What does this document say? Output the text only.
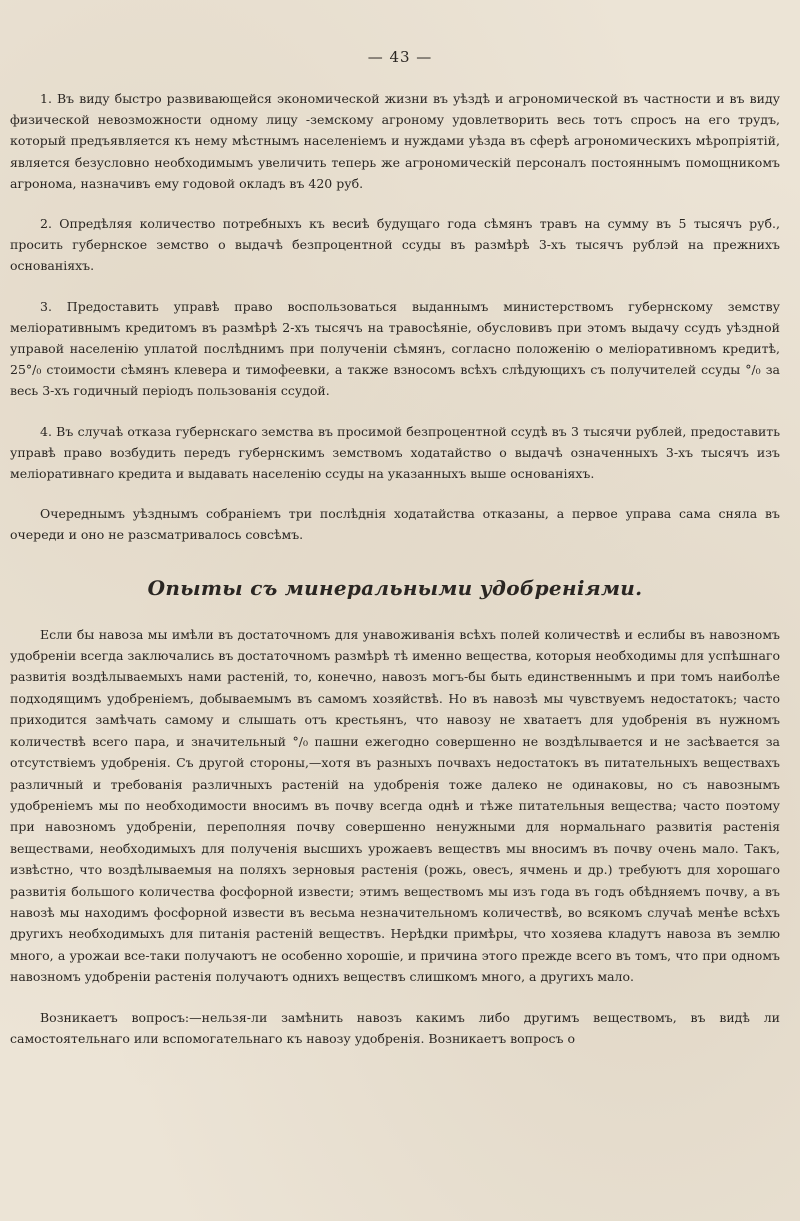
— 43 —

1. Въ виду быстро развивающейся экономической жизни въ уѣздѣ и агрономической въ частности и въ виду физической невозможности одному лицу -земскому агроному удовлетворить весь тотъ спросъ на его трудъ, который предъявляется къ нему мѣстнымъ населеніемъ и нуждами уѣзда въ сферѣ агрономическихъ мѣропріятій, является безусловно необходимымъ увеличить теперь же агрономическій персоналъ постояннымъ помощникомъ агронома, назначивъ ему годовой окладъ въ 420 руб.

2. Опредѣляя количество потребныхъ къ весиѣ будущаго года сѣмянъ травъ на сумму въ 5 тысячъ руб., просить губернское земство о выдачѣ безпроцентной ссуды въ размѣрѣ 3-хъ тысячъ рублэй на прежнихъ основаніяхъ.

3. Предоставить управѣ право воспользоваться выданнымъ министерствомъ губернскому земству меліоративнымъ кредитомъ въ размѣрѣ 2-хъ тысячъ на травосѣяніе, обусловивъ при этомъ выдачу ссудъ уѣздной управой населенію уплатой послѣднимъ при полученіи сѣмянъ, согласно положенію о меліоративномъ кредитѣ, 25°/₀ стоимости сѣмянъ клевера и тимофеевки, а также взносомъ всѣхъ слѣдующихъ съ получителей ссуды °/₀ за весь 3-хъ годичный періодъ пользованія ссудой.

4. Въ случаѣ отказа губернскаго земства въ просимой безпроцентной ссудѣ въ 3 тысячи рублей, предоставить управѣ право возбудить передъ губернскимъ земствомъ ходатайство о выдачѣ означенныхъ 3-хъ тысячъ изъ меліоративнаго кредита и выдавать населенію ссуды на указанныхъ выше основаніяхъ.

Очереднымъ уѣзднымъ собраніемъ три послѣднія ходатайства отказаны, а первое управа сама сняла въ очереди и оно не разсматривалось совсѣмъ.

Опыты съ минеральными удобреніями.

Если бы навоза мы имѣли въ достаточномъ для унавоживанія всѣхъ полей количествѣ и еслибы въ навозномъ удобреніи всегда заключались въ достаточномъ размѣрѣ тѣ именно вещества, которыя необходимы для успѣшнаго развитія воздѣлываемыхъ нами растеній, то, конечно, навозъ могъ-бы быть единственнымъ и при томъ наиболѣе подходящимъ удобреніемъ, добываемымъ въ самомъ хозяйствѣ. Но въ навозѣ мы чувствуемъ недостатокъ; часто приходится замѣчать самому и слышать отъ крестьянъ, что навозу не хватаетъ для удобренія въ нужномъ количествѣ всего пара, и значительный °/₀ пашни ежегодно совершенно не воздѣлывается и не засѣвается за отсутствіемъ удобренія. Съ другой стороны,—хотя въ разныхъ почвахъ недостатокъ въ питательныхъ веществахъ различный и требованія различныхъ растеній на удобренія тоже далеко не одинаковы, но съ навознымъ удобреніемъ мы по необходимости вносимъ въ почву всегда однѣ и тѣже питательныя вещества; часто поэтому при навозномъ удобреніи, переполняя почву совершенно ненужными для нормальнаго развитія растенія веществами, необходимыхъ для полученія высшихъ урожаевъ веществъ мы вносимъ въ почву очень мало. Такъ, извѣстно, что воздѣлываемыя на поляхъ зерновыя растенія (рожь, овесъ, ячмень и др.) требуютъ для хорошаго развитія большого количества фосфорной извести; этимъ веществомъ мы изъ года въ годъ обѣдняемъ почву, а въ навозѣ мы находимъ фосфорной извести въ весьма незначительномъ количествѣ, во всякомъ случаѣ менѣе всѣхъ другихъ необходимыхъ для питанія растеній веществъ. Нерѣдки примѣры, что хозяева кладутъ навоза въ землю много, а урожаи все-таки получаютъ не особенно хорошіе, и причина этого прежде всего въ томъ, что при одномъ навозномъ удобреніи растенія получаютъ однихъ веществъ слишкомъ много, а другихъ мало.

Возникаетъ вопросъ:—нельзя-ли замѣнить навозъ какимъ либо другимъ веществомъ, въ видѣ ли самостоятельнаго или вспомогательнаго къ навозу удобренія. Возникаетъ вопросъ о
